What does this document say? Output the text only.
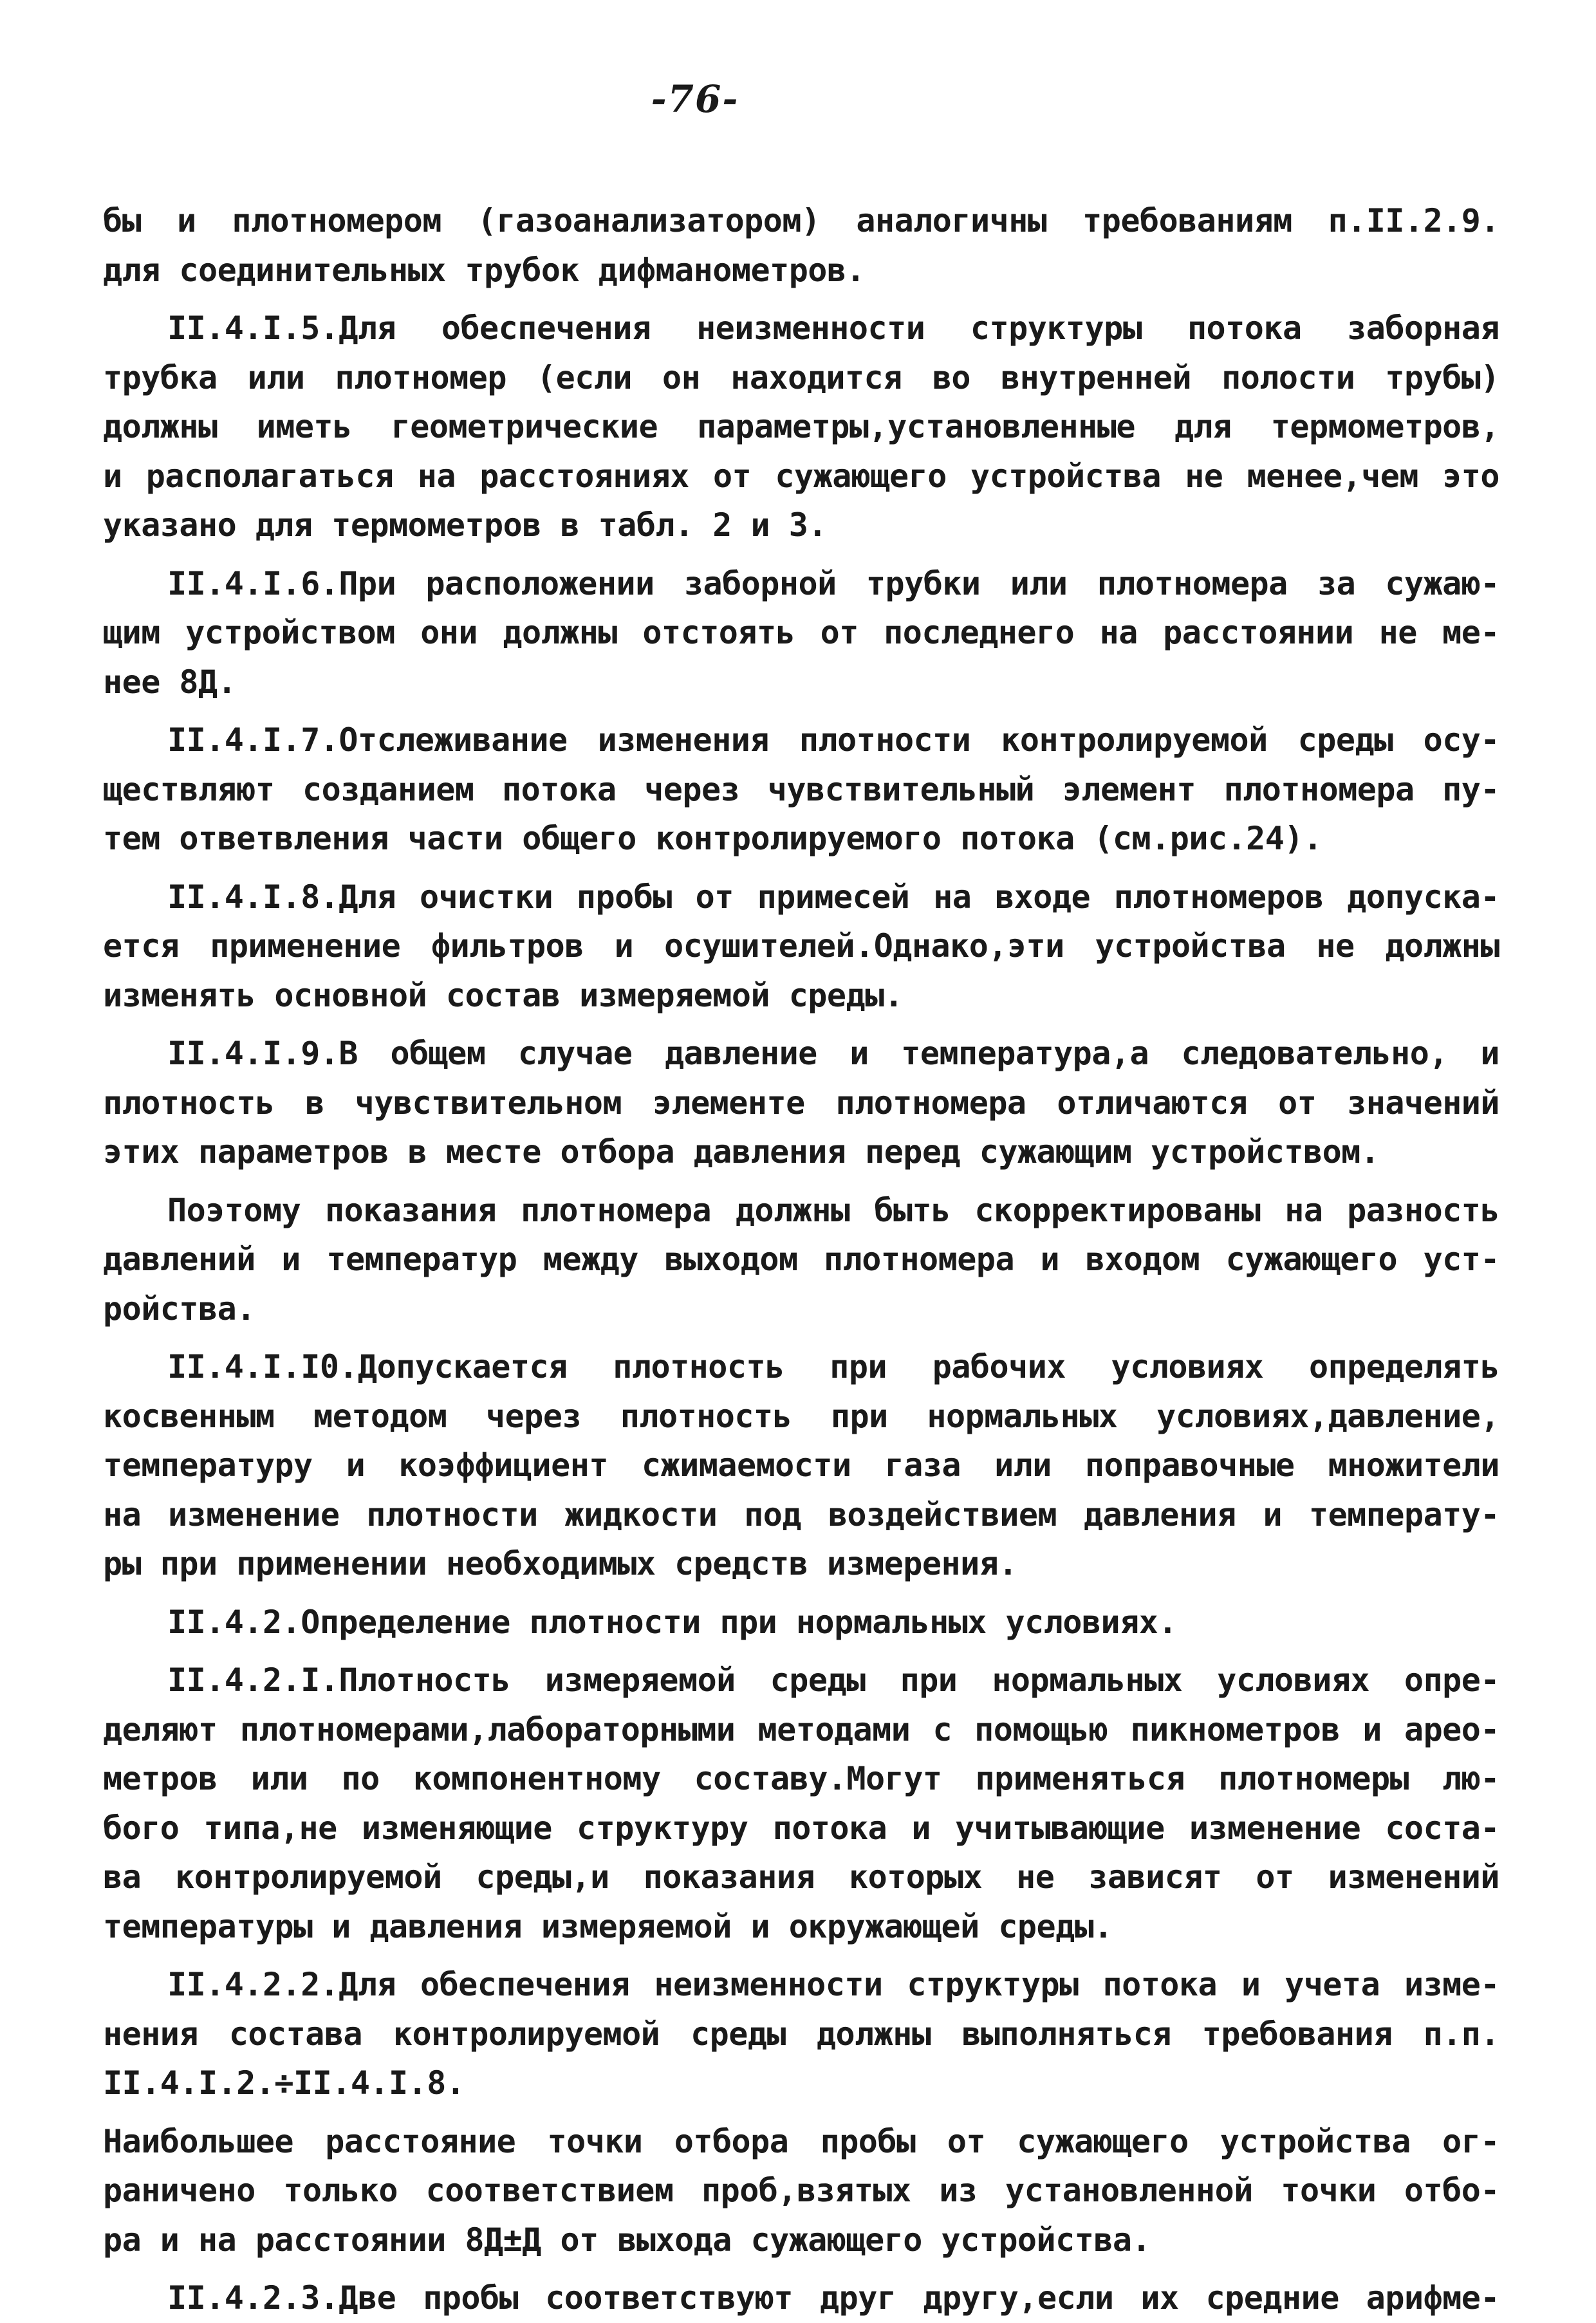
-76-
бы и плотномером (газоанализатором) аналогичны требованиям п.II.2.9.
для соединительных трубок дифманометров.
II.4.I.5.Для обеспечения неизменности структуры потока заборная
трубка или плотномер (если он находится во внутренней полости трубы)
должны иметь геометрические параметры,установленные для термометров,
и располагаться на расстояниях от сужающего устройства не менее,чем это
указано для термометров в табл. 2 и 3.
II.4.I.6.При расположении заборной трубки или плотномера за сужаю-
щим устройством они должны отстоять от последнего на расстоянии не ме-
нее 8Д.
II.4.I.7.Отслеживание изменения плотности контролируемой среды осу-
ществляют созданием потока через чувствительный элемент плотномера пу-
тем ответвления части общего контролируемого потока (см.рис.24).
II.4.I.8.Для очистки пробы от примесей на входе плотномеров допуска-
ется применение фильтров и осушителей.Однако,эти устройства не должны
изменять основной состав измеряемой среды.
II.4.I.9.В общем случае давление и температура,а следовательно, и
плотность в чувствительном элементе плотномера отличаются от значений
этих параметров в месте отбора давления перед сужающим устройством.
Поэтому показания плотномера должны быть скорректированы на разность
давлений и температур между выходом плотномера и входом сужающего уст-
ройства.
II.4.I.I0.Допускается плотность при рабочих условиях определять
косвенным методом через плотность при нормальных условиях,давление,
температуру и коэффициент сжимаемости газа или поправочные множители
на изменение плотности жидкости под воздействием давления и температу-
ры при применении необходимых средств измерения.
II.4.2.Определение плотности при нормальных условиях.
II.4.2.I.Плотность измеряемой среды при нормальных условиях опре-
деляют плотномерами,лабораторными методами с помощью пикнометров и арео-
метров или по компонентному составу.Могут применяться плотномеры лю-
бого типа,не изменяющие структуру потока и учитывающие изменение соста-
ва контролируемой среды,и показания которых не зависят от изменений
температуры и давления измеряемой и окружающей среды.
II.4.2.2.Для обеспечения неизменности структуры потока и учета изме-
нения состава контролируемой среды должны выполняться требования п.п.
II.4.I.2.÷II.4.I.8.
Наибольшее расстояние точки отбора пробы от сужающего устройства ог-
раничено только соответствием проб,взятых из установленной точки отбо-
ра и на расстоянии 8Д±Д от выхода сужающего устройства.
II.4.2.3.Две пробы соответствуют друг другу,если их средние арифме-
